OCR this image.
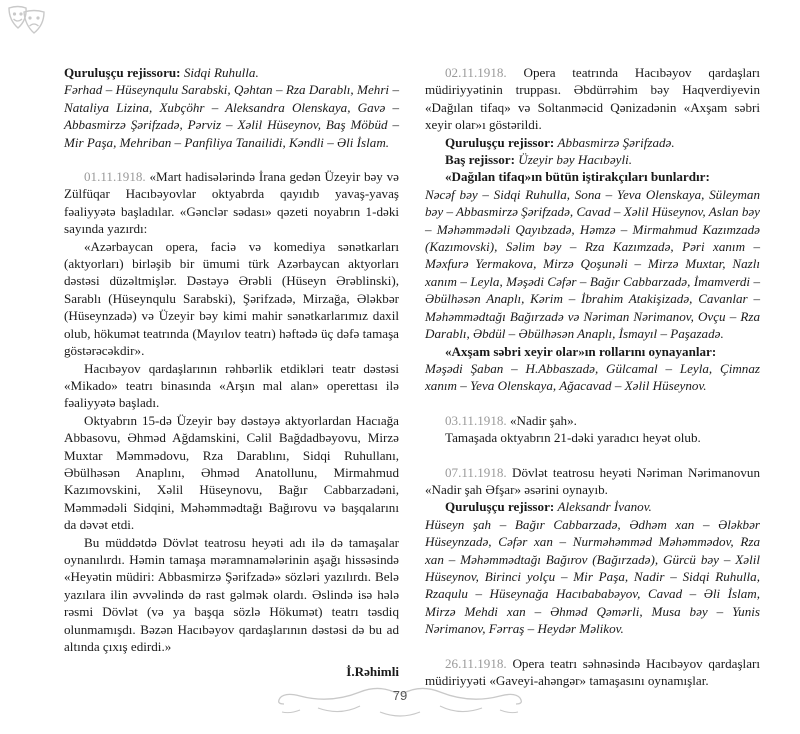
Quruluşçu rejissoru: Sidqi Ruhulla.

Fərhad – Hüseynqulu Sarabski, Qəhtan – Rza Darablı, Mehri – Nataliya Lizina, Xubçöhr – Aleksandra Olenskaya, Gavə – Abbasmirzə Şərifzadə, Pərviz – Xəlil Hüseynov, Baş Möbüd – Mir Paşa, Mehriban – Panfiliya Tanailidi, Kəndli – Əli İslam.

01.11.1918. «Mart hadisələrində İrana gedən Üzeyir bəy və Zülfüqar Hacıbəyovlar oktyabrda qayıdıb yavaş-yavaş fəaliyyətə başladılar. «Gənclər sədası» qəzeti noyabrın 1-dəki sayında yazırdı:

«Azərbaycan opera, faciə və komediya sənətkarları (aktyorları) birləşib bir ümumi türk Azərbaycan aktyorları dəstəsi düzəltmişlər. Dəstəyə Ərəbli (Hüseyn Ərəblinski), Sarablı (Hüseynqulu Sarabski), Şərifzadə, Mirzağa, Ələkbər (Hüseynzadə) və Üzeyir bəy kimi mahir sənətkarlarımız daxil olub, hökumət teatrında (Mayılov teatrı) həftədə üç dəfə tamaşa göstərəcəkdir».

Hacıbəyov qardaşlarının rəhbərlik etdikləri teatr dəstəsi «Mikado» teatrı binasında «Arşın mal alan» operettası ilə fəaliyyətə başladı.

Oktyabrın 15-də Üzeyir bəy dəstəyə aktyorlardan Hacıağa Abbasovu, Əhməd Ağdamskini, Cəlil Bağdadbəyovu, Mirzə Muxtar Məmmədovu, Rza Darablını, Sidqi Ruhullanı, Əbülhəsən Anaplını, Əhməd Anatollunu, Mirmahmud Kazımovskini, Xəlil Hüseynovu, Bağır Cabbarzadəni, Məmmədəli Sidqini, Məhəmmədtağı Bağırovu və başqalarını da dəvət etdi.

Bu müddətdə Dövlət teatrosu heyəti adı ilə də tamaşalar oynanılırdı. Həmin tamaşa məramnamələrinin aşağı hissəsində «Heyətin müdiri: Abbasmirzə Şərifzadə» sözləri yazılırdı. Belə yazılara ilin əvvəlində də rast gəlmək olardı. Əslində isə hələ rəsmi Dövlət (və ya başqa sözlə Hökumət) teatrı təsdiq olunmamışdı. Bəzən Hacıbəyov qardaşlarının dəstəsi də bu ad altında çıxış edirdi.»

İ.Rəhimli

02.11.1918. Opera teatrında Hacıbəyov qardaşları müdiriyyətinin truppası. Əbdürrəhim bəy Haqverdiyevin «Dağılan tifaq» və Soltanməcid Qənizadənin «Axşam səbri xeyir olar»ı göstərildi.

Quruluşçu rejissor: Abbasmirzə Şərifzadə.

Baş rejissor: Üzeyir bəy Hacıbəyli.

«Dağılan tifaq»ın bütün iştirakçıları bunlardır:

Nəcəf bəy – Sidqi Ruhulla, Sona – Yeva Olenskaya, Süleyman bəy – Abbasmirzə Şərifzadə, Cavad – Xəlil Hüseynov, Aslan bəy – Məhəmmədəli Qayıbzadə, Həmzə – Mirmahmud Kazımzadə (Kazımovski), Səlim bəy – Rza Kazımzadə, Pəri xanım – Məxfurə Yermakova, Mirzə Qoşunəli – Mirzə Muxtar, Nazlı xanım – Leyla, Məşədi Cəfər – Bağır Cabbarzadə, İmamverdi – Əbülhəsən Anaplı, Kərim – İbrahim Atakişizadə, Cavanlar – Məhəmmədtağı Bağırzadə və Nəriman Nərimanov, Ovçu – Rza Darablı, Əbdül – Əbülhəsən Anaplı, İsmayıl – Paşazadə.

«Axşam səbri xeyir olar»ın rollarını oynayanlar:

Məşədi Şaban – H.Abbaszadə, Gülcamal – Leyla, Çimnaz xanım – Yeva Olenskaya, Ağacavad – Xəlil Hüseynov.

03.11.1918. «Nadir şah».

Tamaşada oktyabrın 21-dəki yaradıcı heyət olub.

07.11.1918. Dövlət teatrosu heyəti Nəriman Nərimanovun «Nadir şah Əfşar» əsərini oynayıb.

Quruluşçu rejissor: Aleksandr İvanov.

Hüseyn şah – Bağır Cabbarzadə, Ədhəm xan – Ələkbər Hüseynzadə, Cəfər xan – Nurməhəmməd Məhəmmədov, Rza xan – Məhəmmədtağı Bağırov (Bağırzadə), Gürcü bəy – Xəlil Hüseynov, Birinci yolçu – Mir Paşa, Nadir – Sidqi Ruhulla, Rzaqulu – Hüseynağa Hacıbababəyov, Cavad – Əli İslam, Mirzə Mehdi xan – Əhməd Qəmərli, Musa bəy – Yunis Nərimanov, Fərraş – Heydər Məlikov.

26.11.1918. Opera teatrı səhnəsində Hacıbəyov qardaşları müdiriyyəti «Gaveyi-ahəngər» tamaşasını oynamışlar.

79
